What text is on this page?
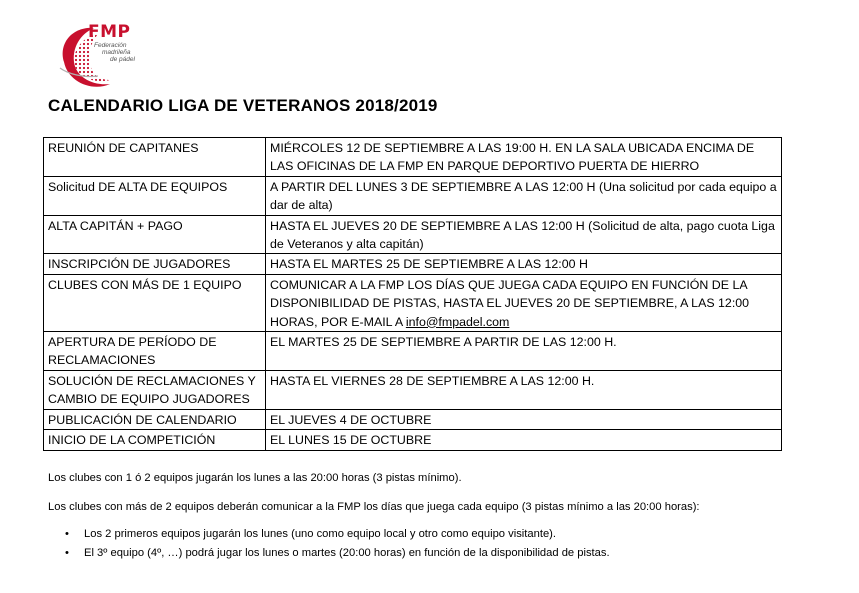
FMP
Federación
madrileña
de pádel
CALENDARIO LIGA DE VETERANOS 2018/2019
REUNIÓN DE CAPITANES	MIÉRCOLES 12 DE SEPTIEMBRE A LAS 19:00 H. EN LA SALA UBICADA ENCIMA DE LAS OFICINAS DE LA FMP EN PARQUE DEPORTIVO PUERTA DE HIERRO
Solicitud DE ALTA DE EQUIPOS	A PARTIR DEL LUNES 3 DE SEPTIEMBRE A LAS 12:00 H (Una solicitud por cada equipo a dar de alta)
ALTA CAPITÁN + PAGO	HASTA EL JUEVES 20 DE SEPTIEMBRE A LAS 12:00 H (Solicitud de alta, pago cuota Liga de Veteranos y alta capitán)
INSCRIPCIÓN DE JUGADORES	HASTA EL MARTES 25 DE SEPTIEMBRE A LAS 12:00 H
CLUBES CON MÁS DE 1 EQUIPO	COMUNICAR A LA FMP LOS DÍAS QUE JUEGA CADA EQUIPO EN FUNCIÓN DE LA DISPONIBILIDAD DE PISTAS, HASTA EL JUEVES 20 DE SEPTIEMBRE, A LAS 12:00 HORAS, POR E-MAIL A info@fmpadel.com
APERTURA DE PERÍODO DE RECLAMACIONES	EL MARTES 25 DE SEPTIEMBRE A PARTIR DE LAS 12:00 H.
SOLUCIÓN DE RECLAMACIONES Y CAMBIO DE EQUIPO JUGADORES	HASTA EL VIERNES 28 DE SEPTIEMBRE A LAS 12:00 H.
PUBLICACIÓN DE CALENDARIO	EL JUEVES 4 DE OCTUBRE
INICIO DE LA COMPETICIÓN	EL LUNES 15 DE OCTUBRE

Los clubes con 1 ó 2 equipos jugarán los lunes a las 20:00 horas (3 pistas mínimo).

Los clubes con más de 2 equipos deberán comunicar a la FMP los días que juega cada equipo (3 pistas mínimo a las 20:00 horas):

• Los 2 primeros equipos jugarán los lunes (uno como equipo local y otro como equipo visitante).
• El 3º equipo (4º, …) podrá jugar los lunes o martes (20:00 horas) en función de la disponibilidad de pistas.
